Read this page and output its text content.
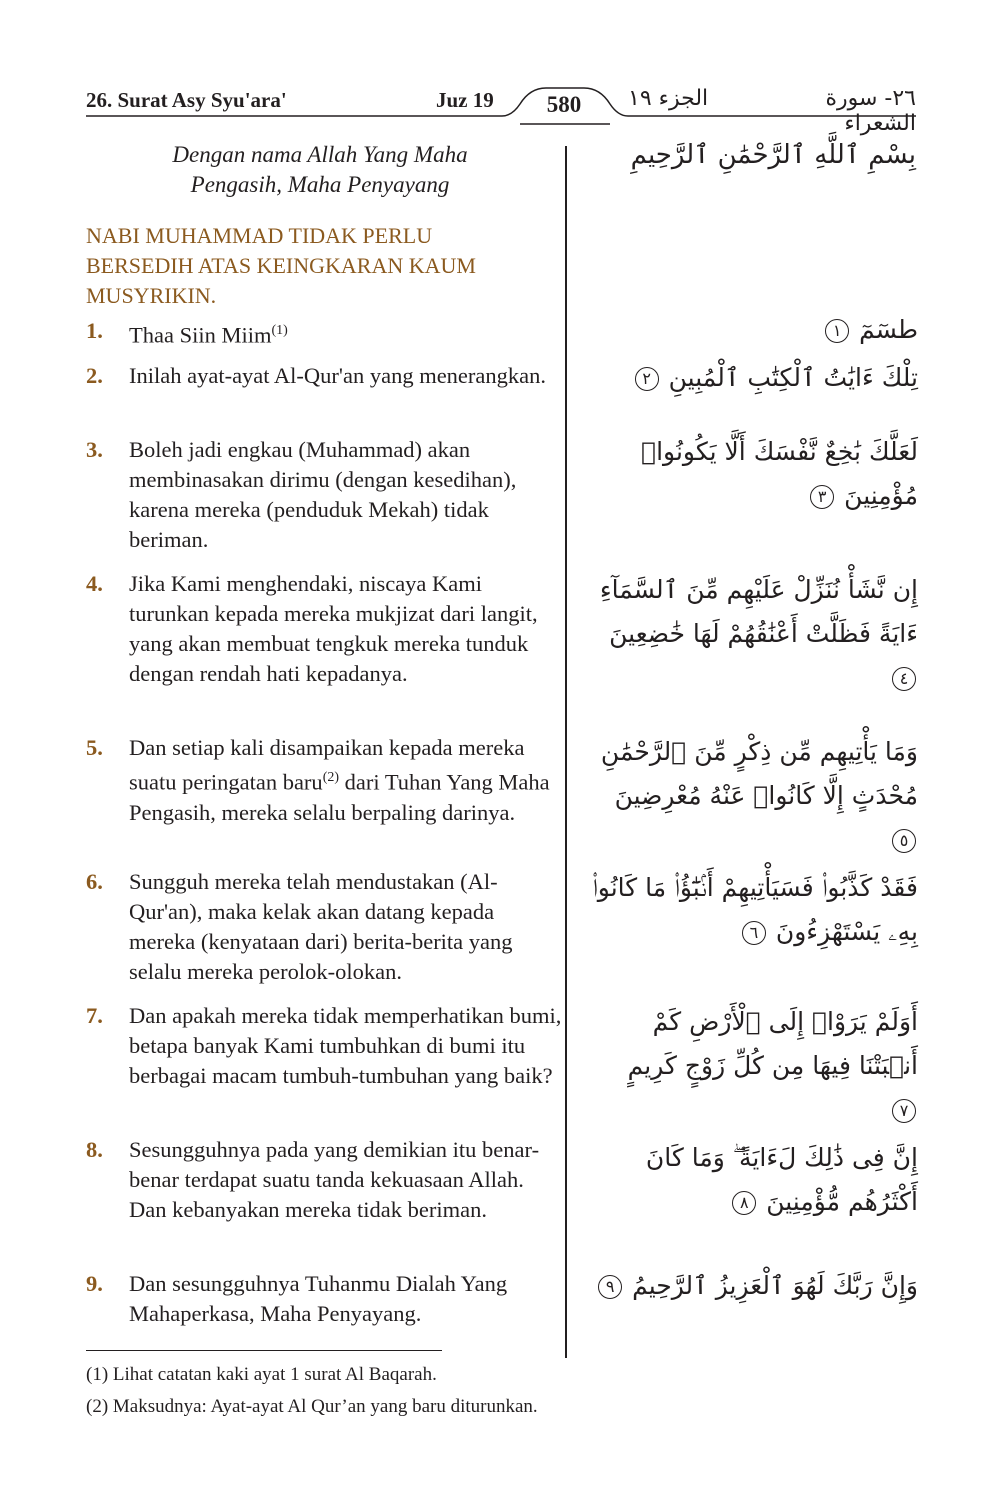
26. Surat Asy Syu'ara'	Juz 19	580	الجزء ١٩	٢٦- سورة الشعراء
Dengan nama Allah Yang Maha
Pengasih, Maha Penyayang
بِسْمِ ٱللَّهِ ٱلرَّحْمَٰنِ ٱلرَّحِيمِ
NABI MUHAMMAD TIDAK PERLU BERSEDIH ATAS KEINGKARAN KAUM MUSYRIKIN.
1. Thaa Siin Miim$^{(1)}$
2. Inilah ayat-ayat Al-Qur'an yang menerangkan.
3. Boleh jadi engkau (Muhammad) akan membinasakan dirimu (dengan kesedihan), karena mereka (penduduk Mekah) tidak beriman.
4. Jika Kami menghendaki, niscaya Kami turunkan kepada mereka mukjizat dari langit, yang akan membuat tengkuk mereka tunduk dengan rendah hati kepadanya.
5. Dan setiap kali disampaikan kepada mereka suatu peringatan baru$^{(2)}$ dari Tuhan Yang Maha Pengasih, mereka selalu berpaling darinya.
6. Sungguh mereka telah mendustakan (Al-Qur'an), maka kelak akan datang kepada mereka (kenyataan dari) berita-berita yang selalu mereka perolok-olokan.
7. Dan apakah mereka tidak memperhatikan bumi, betapa banyak Kami tumbuhkan di bumi itu berbagai macam tumbuh-tumbuhan yang baik?
8. Sesungguhnya pada yang demikian itu benar-benar terdapat suatu tanda kekuasaan Allah. Dan kebanyakan mereka tidak beriman.
9. Dan sesungguhnya Tuhanmu Dialah Yang Mahaperkasa, Maha Penyayang.
طسٓمٓ ١
تِلْكَ ءَايَٰتُ ٱلْكِتَٰبِ ٱلْمُبِينِ ٢
لَعَلَّكَ بَٰخِعٌ نَّفْسَكَ أَلَّا يَكُونُوا۟ مُؤْمِنِينَ ٣
إِن نَّشَأْ نُنَزِّلْ عَلَيْهِم مِّنَ ٱلسَّمَآءِ ءَايَةً فَظَلَّتْ أَعْنَٰقُهُمْ لَهَا خَٰضِعِينَ ٤
وَمَا يَأْتِيهِم مِّن ذِكْرٍ مِّنَ ٱلرَّحْمَٰنِ مُحْدَثٍ إِلَّا كَانُوا۟ عَنْهُ مُعْرِضِينَ ٥
فَقَدْ كَذَّبُوا۟ فَسَيَأْتِيهِمْ أَنۢبَٰٓؤُا۟ مَا كَانُوا۟ بِهِۦ يَسْتَهْزِءُونَ ٦
أَوَلَمْ يَرَوْا۟ إِلَى ٱلْأَرْضِ كَمْ أَنۢبَتْنَا فِيهَا مِن كُلِّ زَوْجٍ كَرِيمٍ ٧
إِنَّ فِى ذَٰلِكَ لَءَايَةً ۖ وَمَا كَانَ أَكْثَرُهُم مُّؤْمِنِينَ ٨
وَإِنَّ رَبَّكَ لَهُوَ ٱلْعَزِيزُ ٱلرَّحِيمُ ٩
(1) Lihat catatan kaki ayat 1 surat Al Baqarah.
(2) Maksudnya: Ayat-ayat Al Qur’an yang baru diturunkan.
